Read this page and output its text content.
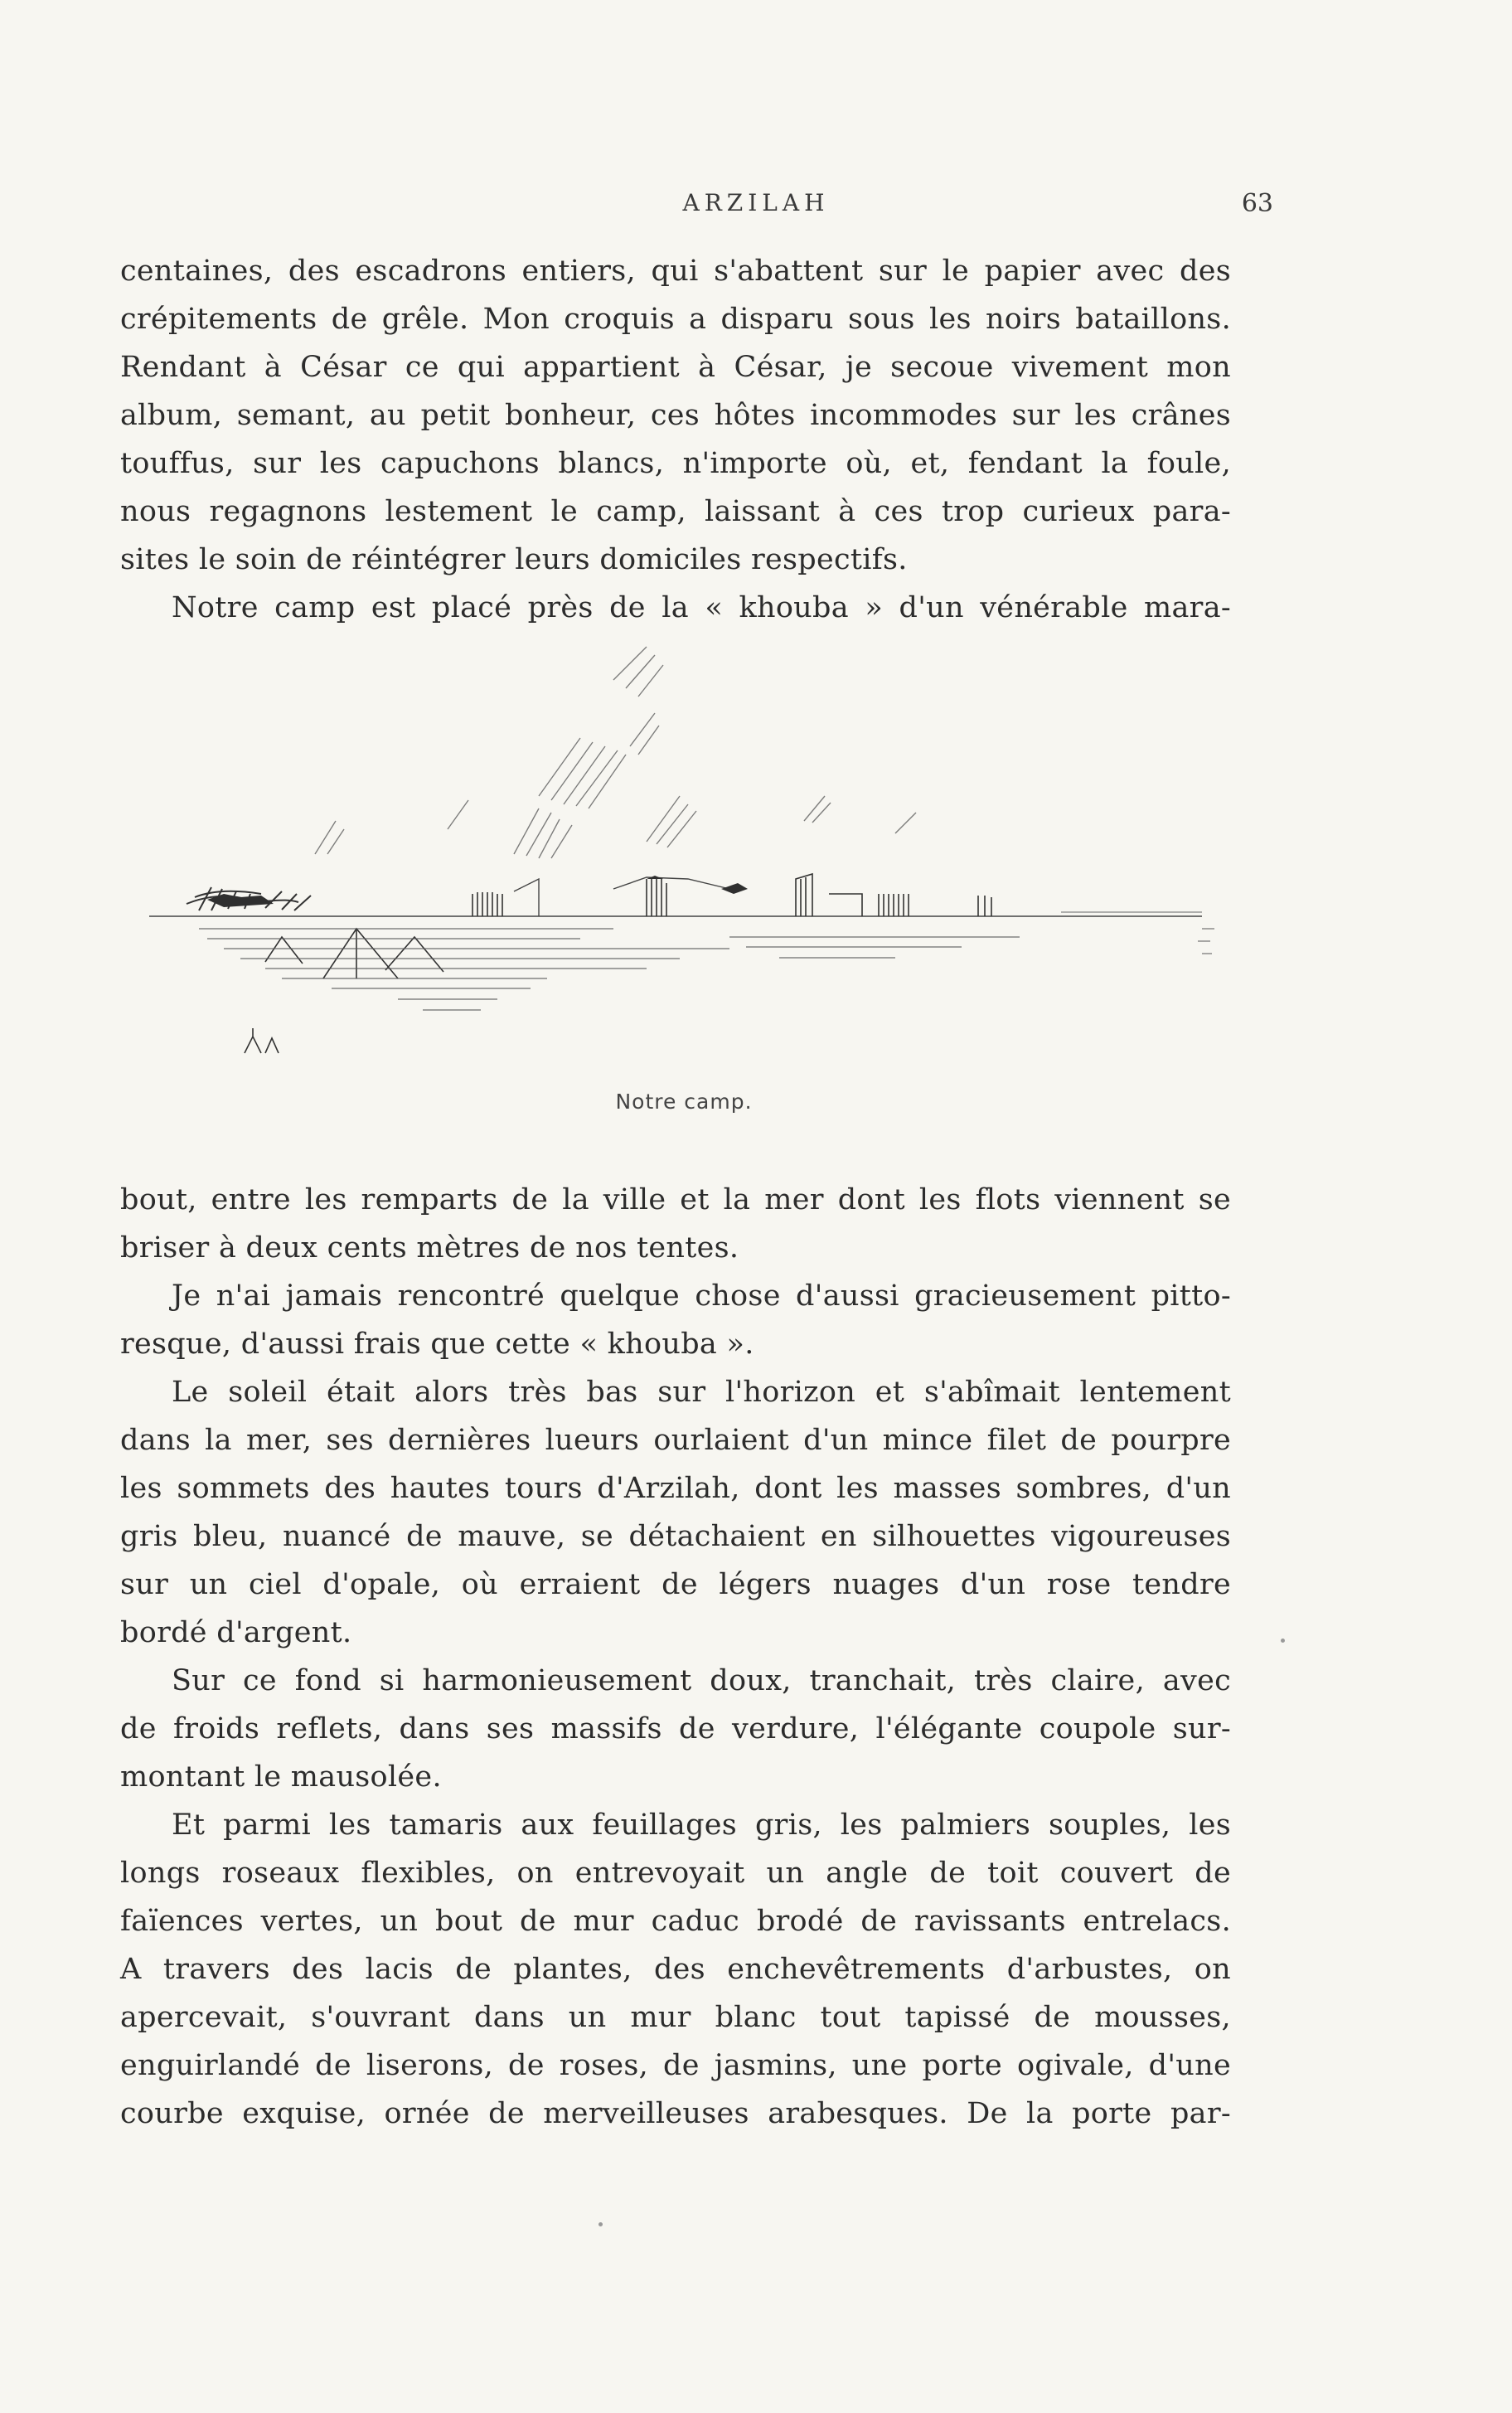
ARZILAH	63
centaines, des escadrons entiers, qui s'abattent sur le papier avec des
crépitements de grêle. Mon croquis a disparu sous les noirs bataillons.
Rendant à César ce qui appartient à César, je secoue vivement mon
album, semant, au petit bonheur, ces hôtes incommodes sur les crânes
touffus, sur les capuchons blancs, n'importe où, et, fendant la foule,
nous regagnons lestement le camp, laissant à ces trop curieux para-
sites le soin de réintégrer leurs domiciles respectifs.
Notre camp est placé près de la « khouba » d'un vénérable mara-
Notre camp.
bout, entre les remparts de la ville et la mer dont les flots viennent se
briser à deux cents mètres de nos tentes.
Je n'ai jamais rencontré quelque chose d'aussi gracieusement pitto-
resque, d'aussi frais que cette « khouba ».
Le soleil était alors très bas sur l'horizon et s'abîmait lentement
dans la mer, ses dernières lueurs ourlaient d'un mince filet de pourpre
les sommets des hautes tours d'Arzilah, dont les masses sombres, d'un
gris bleu, nuancé de mauve, se détachaient en silhouettes vigoureuses
sur un ciel d'opale, où erraient de légers nuages d'un rose tendre
bordé d'argent.
Sur ce fond si harmonieusement doux, tranchait, très claire, avec
de froids reflets, dans ses massifs de verdure, l'élégante coupole sur-
montant le mausolée.
Et parmi les tamaris aux feuillages gris, les palmiers souples, les
longs roseaux flexibles, on entrevoyait un angle de toit couvert de
faïences vertes, un bout de mur caduc brodé de ravissants entrelacs.
A travers des lacis de plantes, des enchevêtrements d'arbustes, on
apercevait, s'ouvrant dans un mur blanc tout tapissé de mousses,
enguirlandé de liserons, de roses, de jasmins, une porte ogivale, d'une
courbe exquise, ornée de merveilleuses arabesques. De la porte par-
